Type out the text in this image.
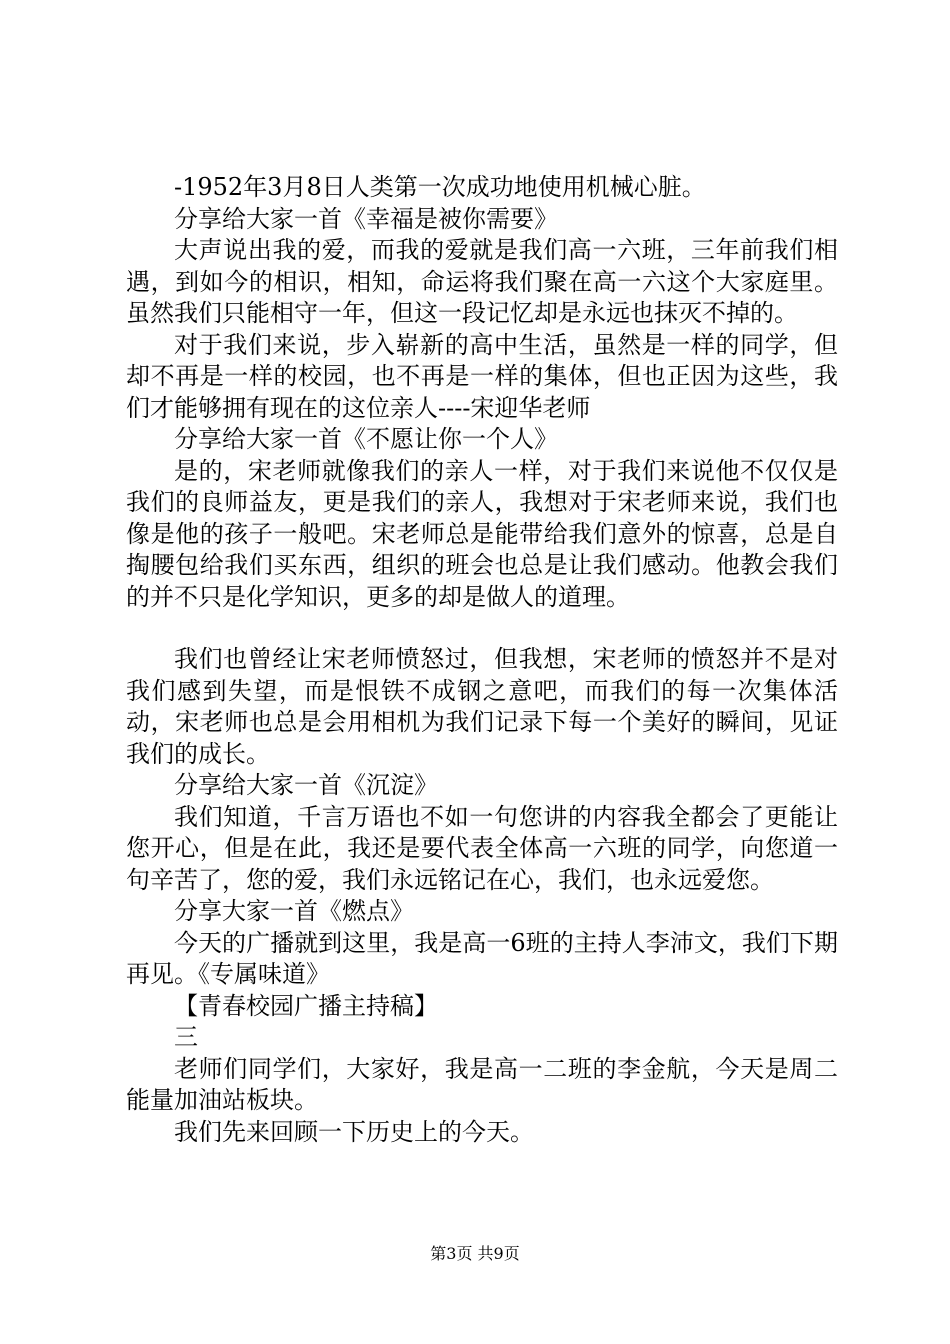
-1952年3月8日人类第一次成功地使用机械心脏。

分享给大家一首《幸福是被你需要》

大声说出我的爱，而我的爱就是我们高一六班，三年前我们相遇，到如今的相识，相知，命运将我们聚在高一六这个大家庭里。虽然我们只能相守一年，但这一段记忆却是永远也抹灭不掉的。

对于我们来说，步入崭新的高中生活，虽然是一样的同学，但却不再是一样的校园，也不再是一样的集体，但也正因为这些，我们才能够拥有现在的这位亲人----宋迎华老师

分享给大家一首《不愿让你一个人》

是的，宋老师就像我们的亲人一样，对于我们来说他不仅仅是我们的良师益友，更是我们的亲人，我想对于宋老师来说，我们也像是他的孩子一般吧。宋老师总是能带给我们意外的惊喜，总是自掏腰包给我们买东西，组织的班会也总是让我们感动。他教会我们的并不只是化学知识，更多的却是做人的道理。

我们也曾经让宋老师愤怒过，但我想，宋老师的愤怒并不是对我们感到失望，而是恨铁不成钢之意吧，而我们的每一次集体活动，宋老师也总是会用相机为我们记录下每一个美好的瞬间，见证我们的成长。

分享给大家一首《沉淀》

我们知道，千言万语也不如一句您讲的内容我全都会了更能让您开心，但是在此，我还是要代表全体高一六班的同学，向您道一句辛苦了，您的爱，我们永远铭记在心，我们，也永远爱您。

分享大家一首《燃点》

今天的广播就到这里，我是高一6班的主持人李沛文，我们下期再见。《专属味道》

【青春校园广播主持稿】

三

老师们同学们，大家好，我是高一二班的李金航，今天是周二能量加油站板块。

我们先来回顾一下历史上的今天。

第3页 共9页
